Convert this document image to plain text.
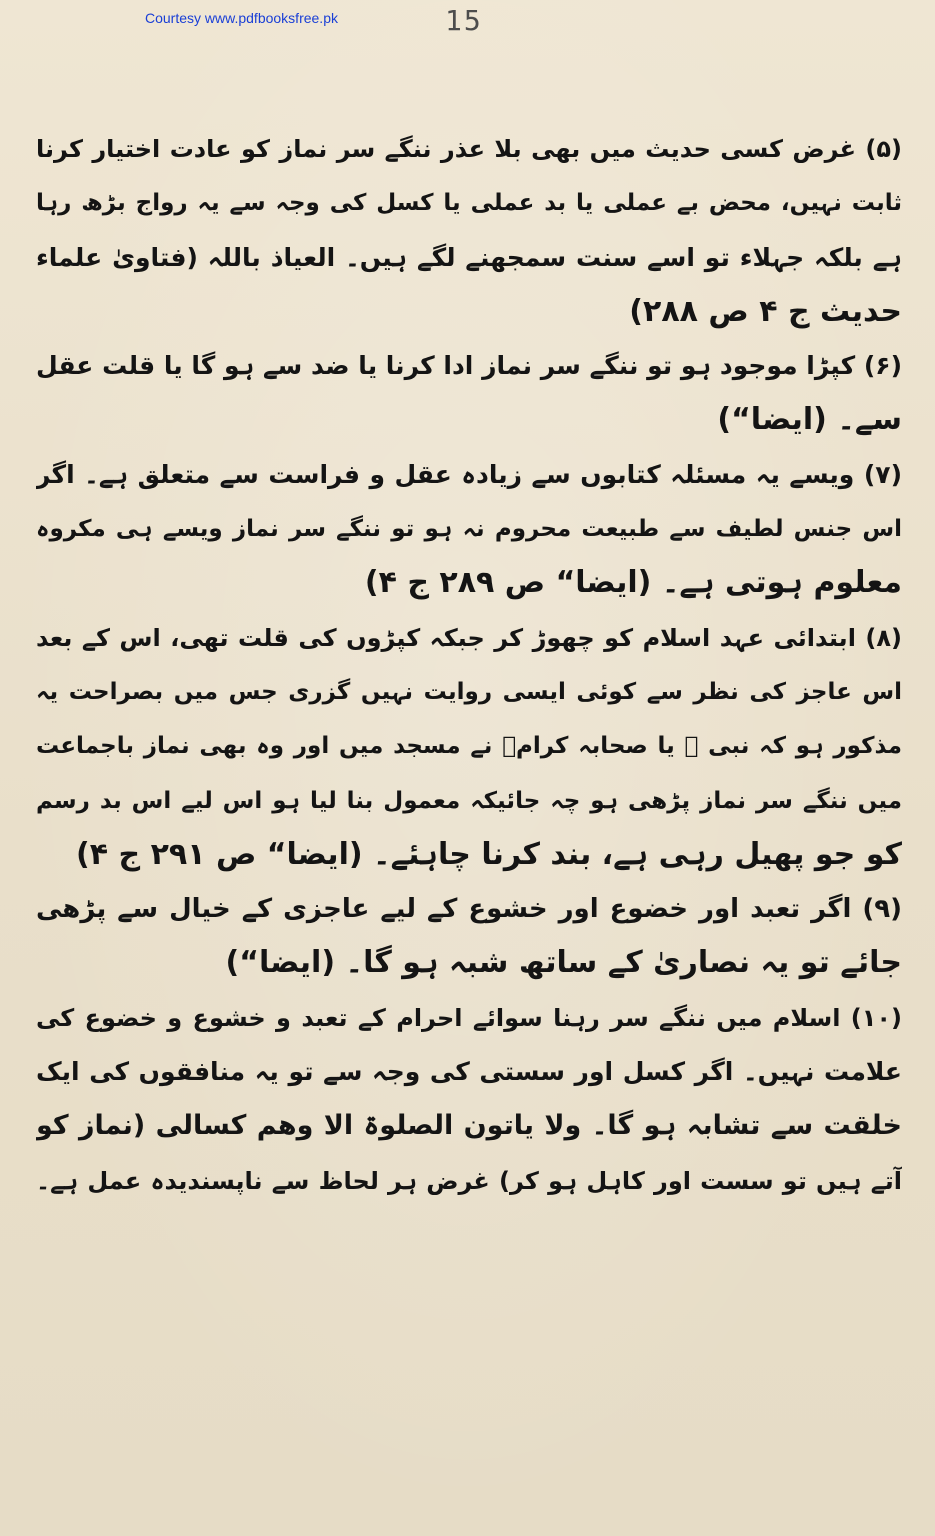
Courtesy www.pdfbooksfree.pk	15
(۵) غرض کسی حدیث میں بھی بلا عذر ننگے سر نماز کو عادت اختیار کرنا
ثابت نہیں، محض بے عملی یا بد عملی یا کسل کی وجہ سے یہ رواج بڑھ رہا
ہے بلکہ جہلاء تو اسے سنت سمجھنے لگے ہیں۔ العیاذ باللہ (فتاویٰ علماء
حدیث ج ۴ ص ۲۸۸)
(۶) کپڑا موجود ہو تو ننگے سر نماز ادا کرنا یا ضد سے ہو گا یا قلت عقل
سے۔ (ایضا“)
(۷) ویسے یہ مسئلہ کتابوں سے زیادہ عقل و فراست سے متعلق ہے۔ اگر
اس جنس لطیف سے طبیعت محروم نہ ہو تو ننگے سر نماز ویسے ہی مکروہ
معلوم ہوتی ہے۔ (ایضا“ ص ۲۸۹ ج ۴)
(۸) ابتدائی عہد اسلام کو چھوڑ کر جبکہ کپڑوں کی قلت تھی، اس کے بعد
اس عاجز کی نظر سے کوئی ایسی روایت نہیں گزری جس میں بصراحت یہ
مذکور ہو کہ نبی ﷺ یا صحابہ کرامؓ نے مسجد میں اور وہ بھی نماز باجماعت
میں ننگے سر نماز پڑھی ہو چہ جائیکہ معمول بنا لیا ہو اس لیے اس بد رسم
کو جو پھیل رہی ہے، بند کرنا چاہئے۔ (ایضا“ ص ۲۹۱ ج ۴)
(۹) اگر تعبد اور خضوع اور خشوع کے لیے عاجزی کے خیال سے پڑھی
جائے تو یہ نصاریٰ کے ساتھ شبہ ہو گا۔ (ایضا“)
(۱۰) اسلام میں ننگے سر رہنا سوائے احرام کے تعبد و خشوع و خضوع کی
علامت نہیں۔ اگر کسل اور سستی کی وجہ سے تو یہ منافقوں کی ایک
خلقت سے تشابہ ہو گا۔ ولا یاتون الصلوۃ الا وھم کسالی (نماز کو
آتے ہیں تو سست اور کاہل ہو کر) غرض ہر لحاظ سے ناپسندیدہ عمل ہے۔
